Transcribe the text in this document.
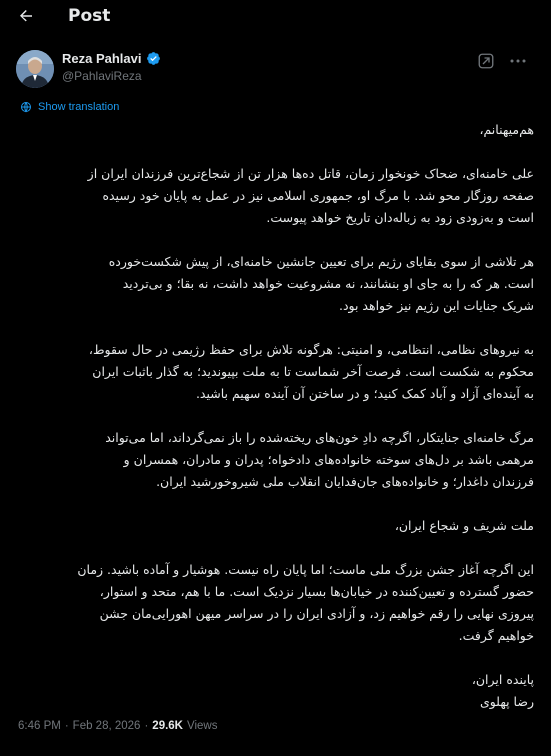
Post
Reza Pahlavi
@PahlaviReza
Show translation

هم‌میهنانم،

علی خامنه‌ای، ضحاک خونخوار زمان، قاتل ده‌ها هزار تن از شجاع‌ترین فرزندان ایران از

صفحه روزگار محو شد. با مرگ او، جمهوری اسلامی نیز در عمل به پایان خود رسیده

است و به‌زودی زود به زباله‌دان تاریخ خواهد پیوست.

هر تلاشی از سوی بقایای رژیم برای تعیین جانشین خامنه‌ای، از پیش شکست‌خورده

است. هر که را به جای او بنشانند، نه مشروعیت خواهد داشت، نه بقا؛ و بی‌تردید

شریک جنایات این رژیم نیز خواهد بود.

به نیروهای نظامی، انتظامی، و امنیتی: هرگونه تلاش برای حفظ رژیمی در حال سقوط،

محکوم به شکست است. فرصت آخر شماست تا به ملت بپیوندید؛ به گذار باثبات ایران

به آینده‌ای آزاد و آباد کمک کنید؛ و در ساختن آن آینده سهیم باشید.

مرگ خامنه‌ای جنایتکار، اگرچه دادِ خون‌های ریخته‌شده را باز نمی‌گرداند، اما می‌تواند

مرهمی باشد بر دل‌های سوخته خانواده‌های دادخواه؛ پدران و مادران، همسران و

فرزندان داغدار؛ و خانواده‌های جان‌فدایان انقلاب ملی شیروخورشید ایران.

ملت شریف و شجاع ایران،

این اگرچه آغاز جشن بزرگ ملی ماست؛ اما پایان راه نیست. هوشیار و آماده باشید. زمان

حضور گسترده و تعیین‌کننده در خیابان‌ها بسیار نزدیک است. ما با هم، متحد و استوار،

پیروزی نهایی را رقم خواهیم زد، و آزادی ایران را در سراسر میهن اهورایی‌مان جشن

خواهیم گرفت.

پاینده ایران،

رضا پهلوی

6:46 PM · Feb 28, 2026 · 29.6K Views
